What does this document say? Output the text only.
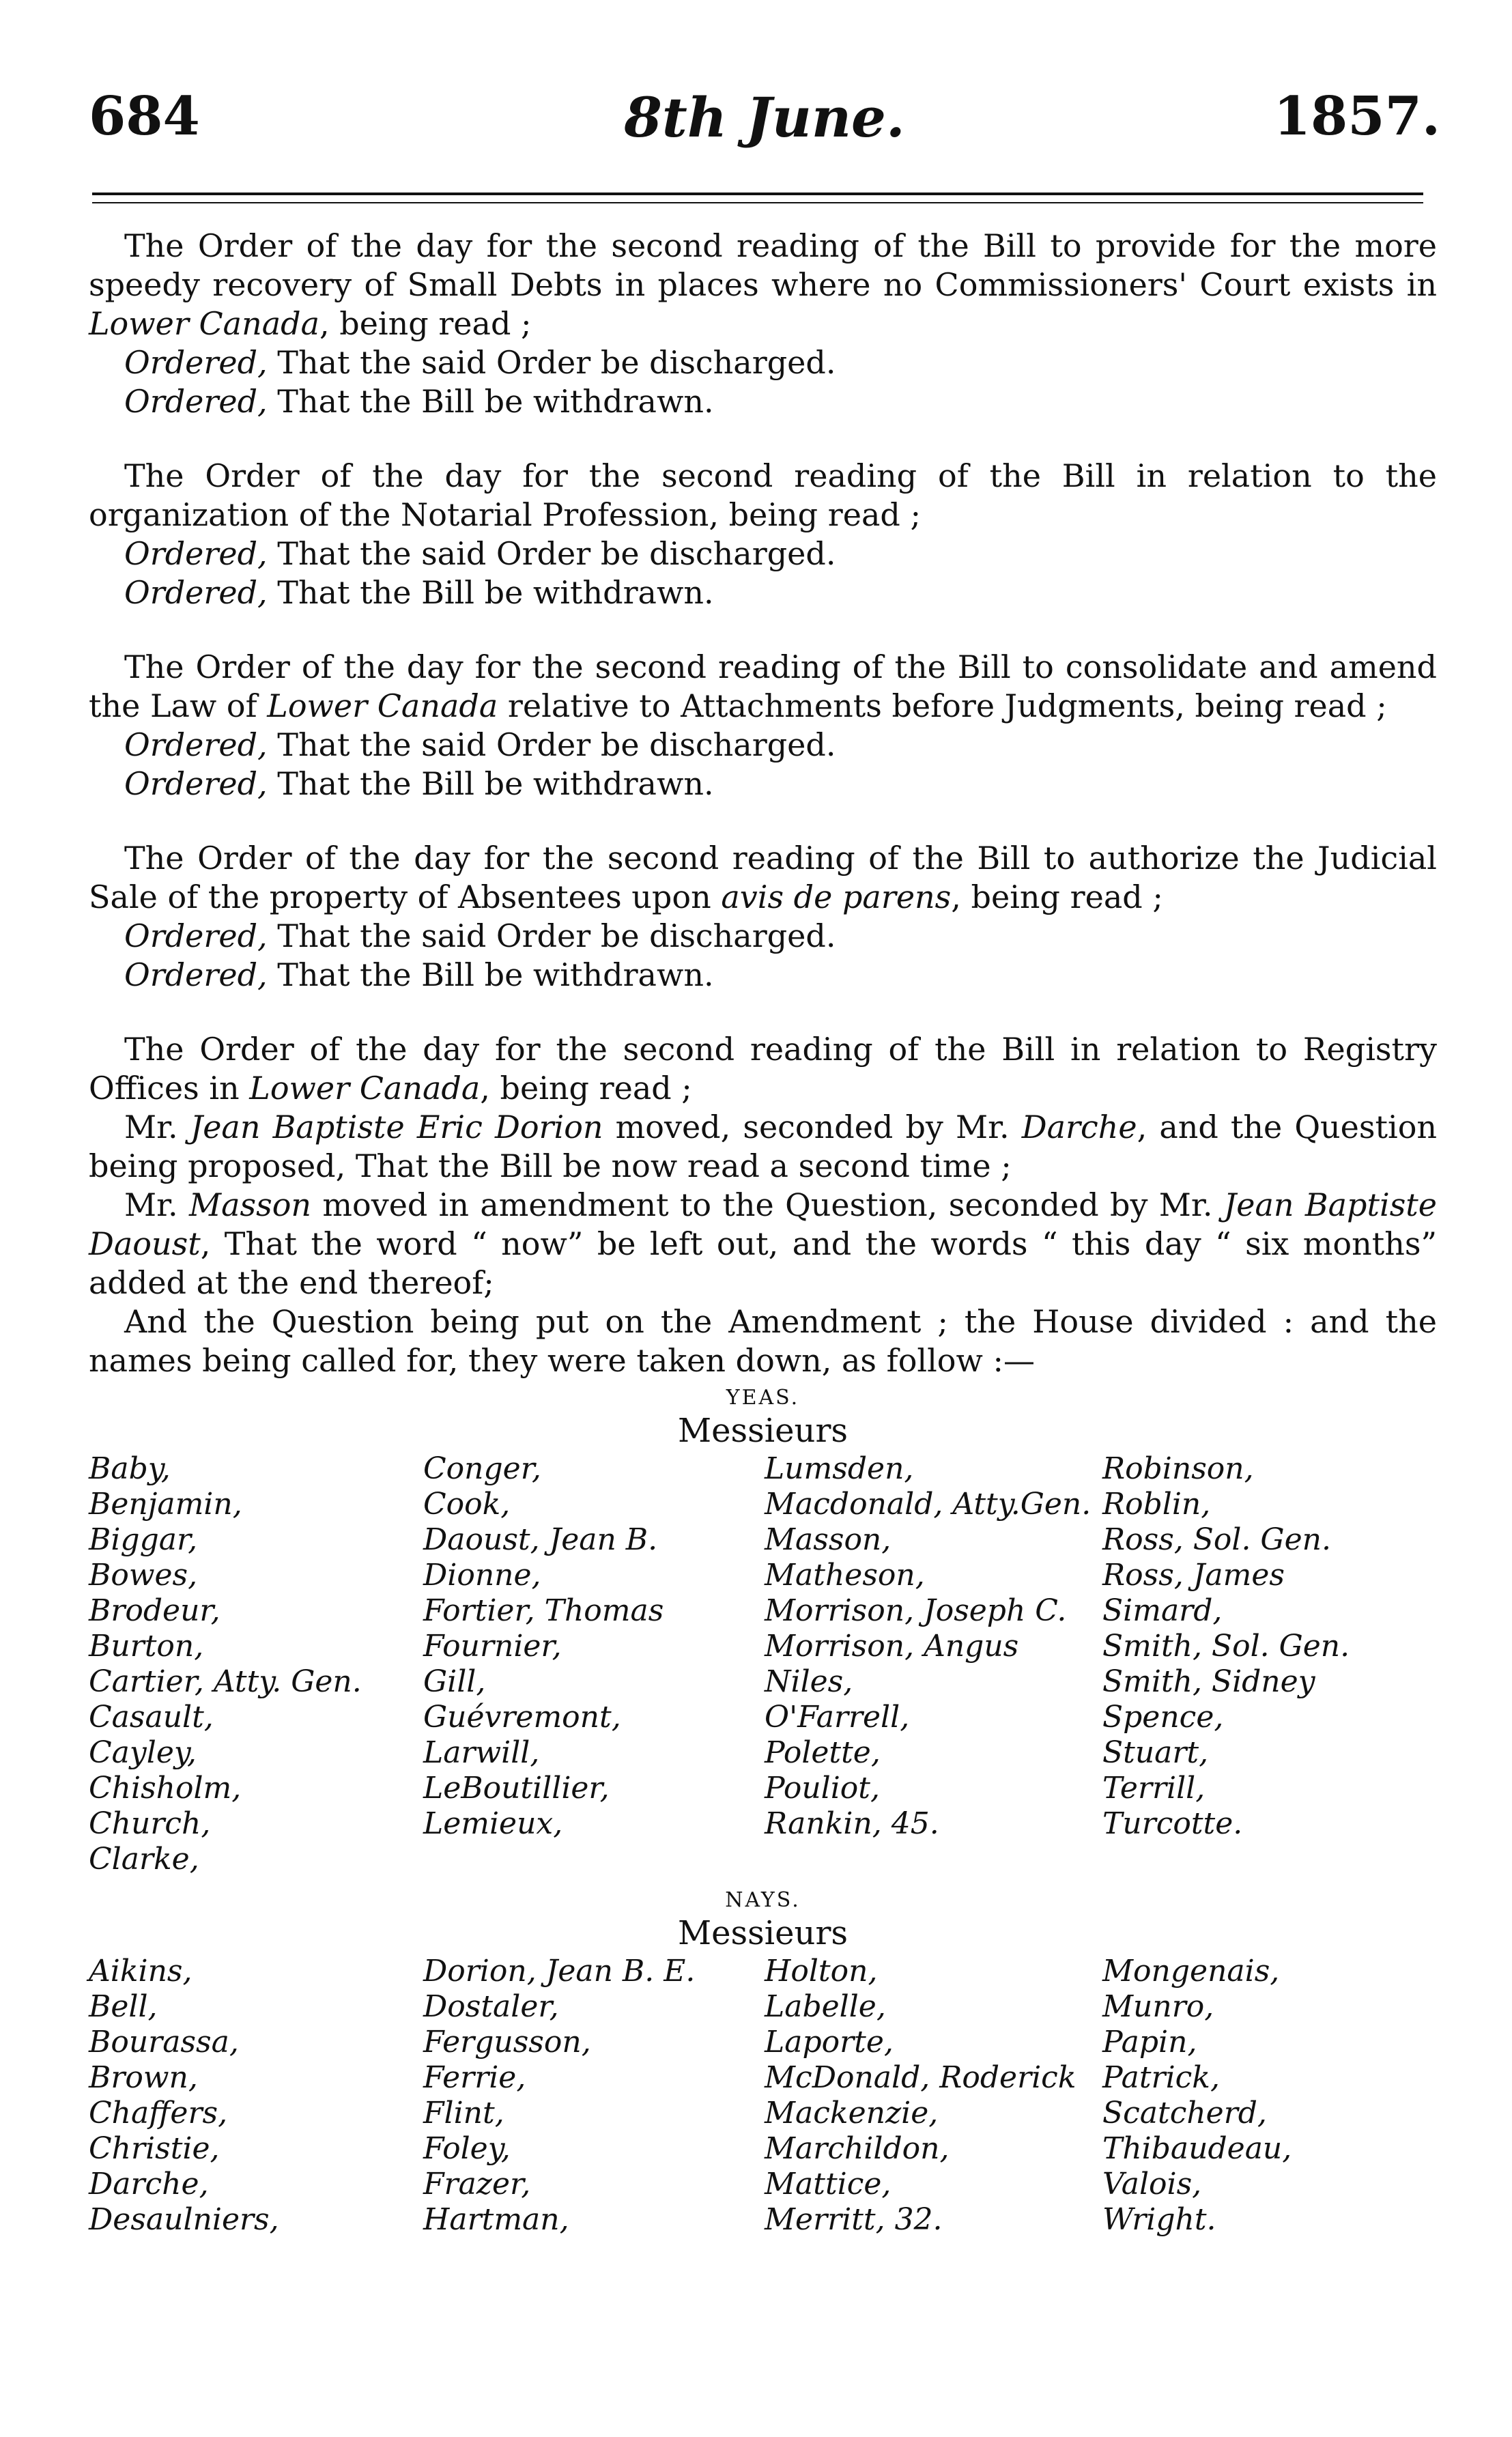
684	8th June.	1857.

The Order of the day for the second reading of the Bill to provide for the more speedy recovery of Small Debts in places where no Commissioners' Court exists in Lower Canada, being read ;
Ordered, That the said Order be discharged.
Ordered, That the Bill be withdrawn.

The Order of the day for the second reading of the Bill in relation to the organization of the Notarial Profession, being read ;
Ordered, That the said Order be discharged.
Ordered, That the Bill be withdrawn.

The Order of the day for the second reading of the Bill to consolidate and amend the Law of Lower Canada relative to Attachments before Judgments, being read ;
Ordered, That the said Order be discharged.
Ordered, That the Bill be withdrawn.

The Order of the day for the second reading of the Bill to authorize the Judicial Sale of the property of Absentees upon avis de parens, being read ;
Ordered, That the said Order be discharged.
Ordered, That the Bill be withdrawn.

The Order of the day for the second reading of the Bill in relation to Registry Offices in Lower Canada, being read ;
Mr. Jean Baptiste Eric Dorion moved, seconded by Mr. Darche, and the Question being proposed, That the Bill be now read a second time ;
Mr. Masson moved in amendment to the Question, seconded by Mr. Jean Baptiste Daoust, That the word “ now” be left out, and the words “ this day “ six months” added at the end thereof;
And the Question being put on the Amendment ; the House divided : and the names being called for, they were taken down, as follow :—

YEAS.
Messieurs
Baby,
Benjamin,
Biggar,
Bowes,
Brodeur,
Burton,
Cartier, Atty. Gen.
Casault,
Cayley,
Chisholm,
Church,
Clarke,
Conger,
Cook,
Daoust, Jean B.
Dionne,
Fortier, Thomas
Fournier,
Gill,
Guévremont,
Larwill,
LeBoutillier,
Lemieux,
Lumsden,
Macdonald, Atty.Gen.
Masson,
Matheson,
Morrison, Joseph C.
Morrison, Angus
Niles,
O'Farrell,
Polette,
Pouliot,
Rankin, 45.
Robinson,
Roblin,
Ross, Sol. Gen.
Ross, James
Simard,
Smith, Sol. Gen.
Smith, Sidney
Spence,
Stuart,
Terrill,
Turcotte.
NAYS.
Messieurs
Aikins,
Bell,
Bourassa,
Brown,
Chaffers,
Christie,
Darche,
Desaulniers,
Dorion, Jean B. E.
Dostaler,
Fergusson,
Ferrie,
Flint,
Foley,
Frazer,
Hartman,
Holton,
Labelle,
Laporte,
McDonald, Roderick
Mackenzie,
Marchildon,
Mattice,
Merritt, 32.
Mongenais,
Munro,
Papin,
Patrick,
Scatcherd,
Thibaudeau,
Valois,
Wright.
